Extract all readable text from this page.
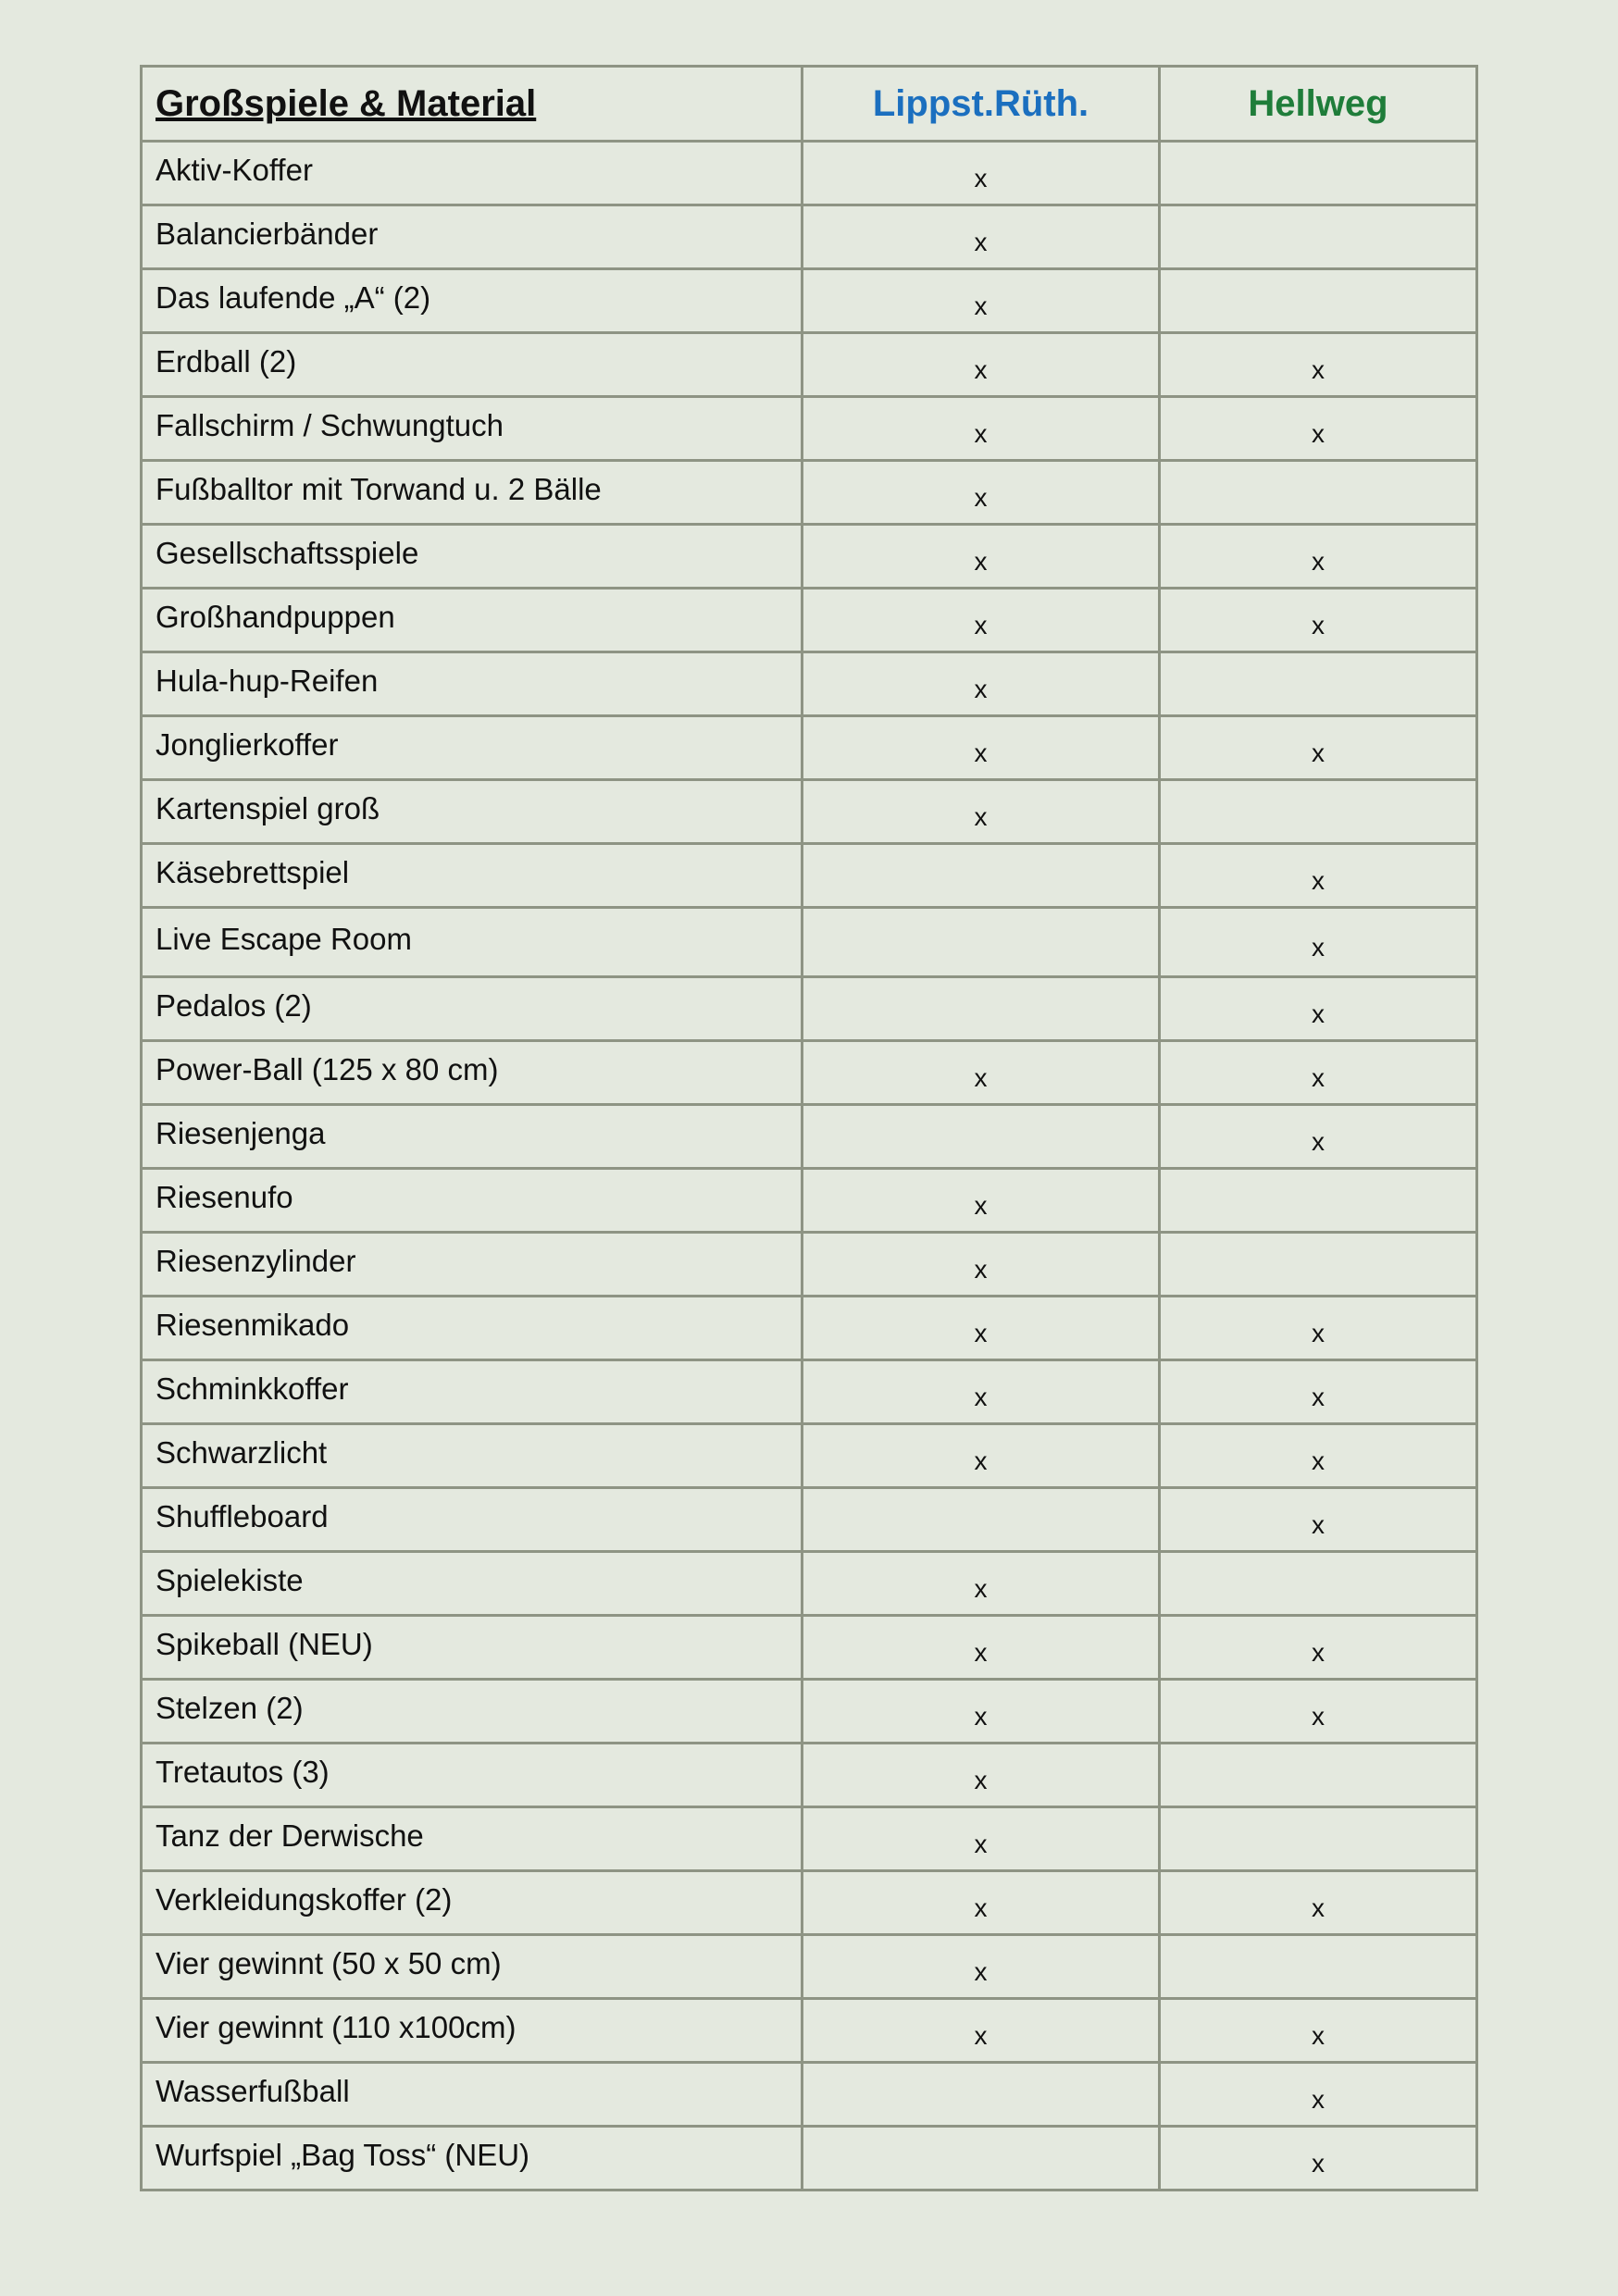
Großspiele & Material	Lippst.Rüth.	Hellweg
Aktiv-Koffer	x	
Balancierbänder	x	
Das laufende „A“ (2)	x	
Erdball (2)	x	x
Fallschirm / Schwungtuch	x	x
Fußballtor mit Torwand u. 2 Bälle	x	
Gesellschaftsspiele	x	x
Großhandpuppen	x	x
Hula-hup-Reifen	x	
Jonglierkoffer	x	x
Kartenspiel groß	x	
Käsebrettspiel		x
Live Escape Room		x
Pedalos (2)		x
Power-Ball (125 x 80 cm)	x	x
Riesenjenga		x
Riesenufo	x	
Riesenzylinder	x	
Riesenmikado	x	x
Schminkkoffer	x	x
Schwarzlicht	x	x
Shuffleboard		x
Spielekiste	x	
Spikeball (NEU)	x	x
Stelzen (2)	x	x
Tretautos (3)	x	
Tanz der Derwische	x	
Verkleidungskoffer (2)	x	x
Vier gewinnt (50 x 50 cm)	x	
Vier gewinnt (110 x100cm)	x	x
Wasserfußball		x
Wurfspiel „Bag Toss“ (NEU)		x
